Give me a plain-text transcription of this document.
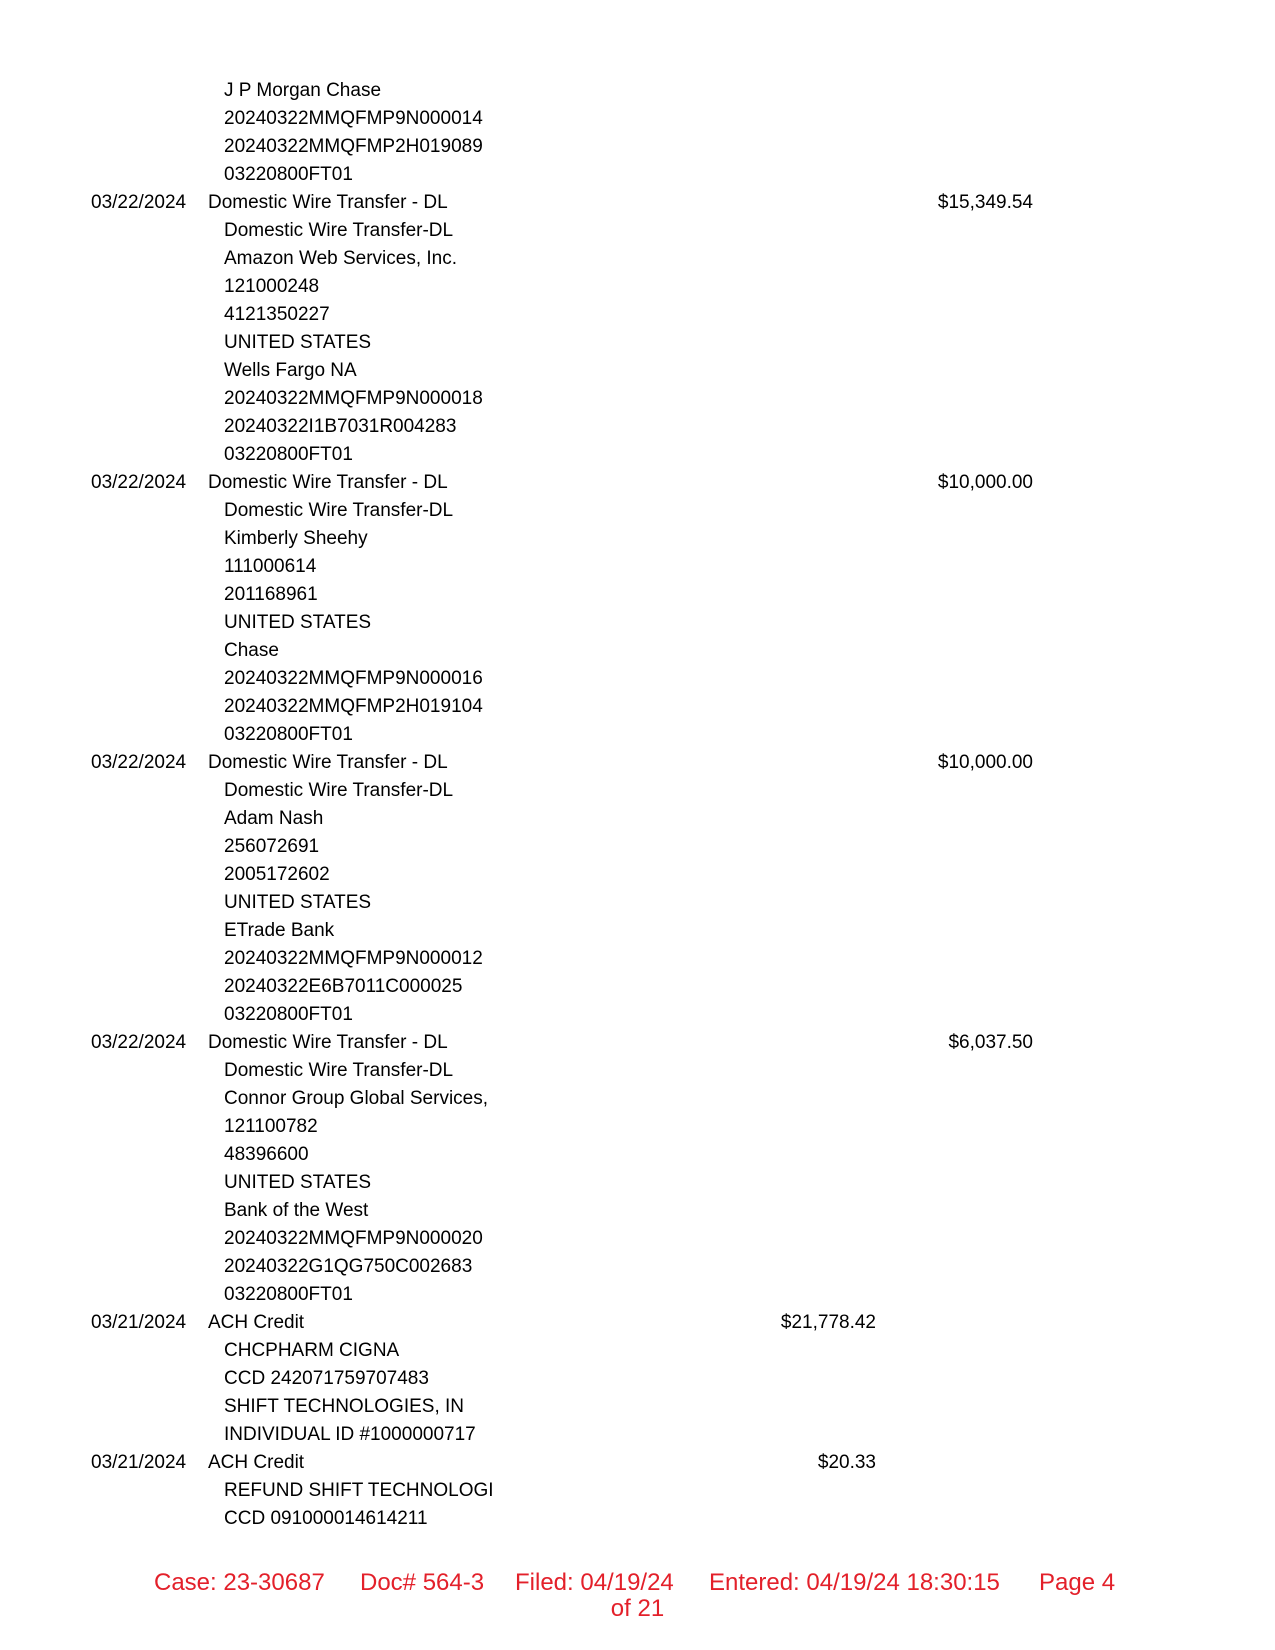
J P Morgan Chase
20240322MMQFMP9N000014
20240322MMQFMP2H019089
03220800FT01
03/22/2024 Domestic Wire Transfer - DL	$15,349.54
Domestic Wire Transfer-DL
Amazon Web Services, Inc.
121000248
4121350227
UNITED STATES
Wells Fargo NA
20240322MMQFMP9N000018
20240322I1B7031R004283
03220800FT01
03/22/2024 Domestic Wire Transfer - DL	$10,000.00
Domestic Wire Transfer-DL
Kimberly Sheehy
111000614
201168961
UNITED STATES
Chase
20240322MMQFMP9N000016
20240322MMQFMP2H019104
03220800FT01
03/22/2024 Domestic Wire Transfer - DL	$10,000.00
Domestic Wire Transfer-DL
Adam Nash
256072691
2005172602
UNITED STATES
ETrade Bank
20240322MMQFMP9N000012
20240322E6B7011C000025
03220800FT01
03/22/2024 Domestic Wire Transfer - DL	$6,037.50
Domestic Wire Transfer-DL
Connor Group Global Services,
121100782
48396600
UNITED STATES
Bank of the West
20240322MMQFMP9N000020
20240322G1QG750C002683
03220800FT01
03/21/2024 ACH Credit	$21,778.42
CHCPHARM CIGNA
CCD 242071759707483
SHIFT TECHNOLOGIES, IN
INDIVIDUAL ID #1000000717
03/21/2024 ACH Credit	$20.33
REFUND SHIFT TECHNOLOGI
CCD 091000014614211
Case: 23-30687 Doc# 564-3 Filed: 04/19/24 Entered: 04/19/24 18:30:15 Page 4
of 21
